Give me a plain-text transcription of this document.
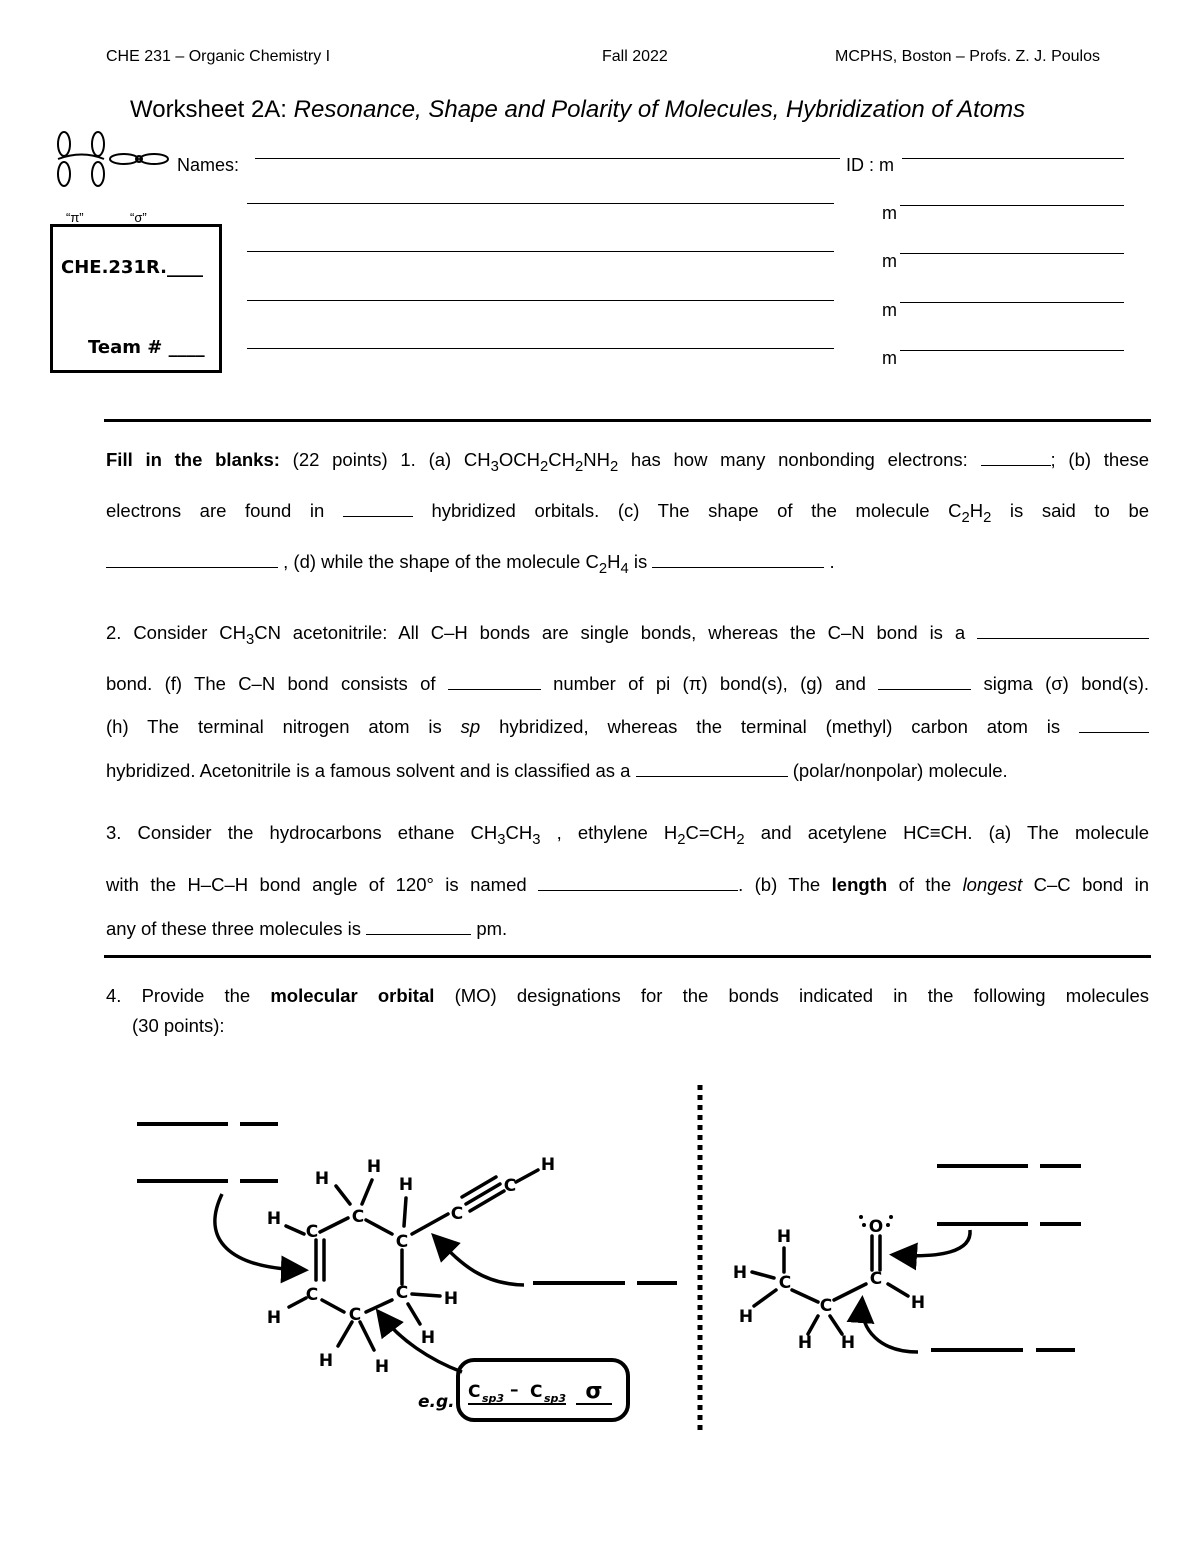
CHE 231 – Organic Chemistry I	Fall 2022	MCPHS, Boston – Profs. Z. J. Poulos
Worksheet 2A: Resonance, Shape and Polarity of Molecules, Hybridization of Atoms
“π”	“σ”
Names:	ID : m
m
m
m
m
CHE.231R.____
Team # ____
Fill in the blanks: (22 points) 1. (a) $CH_3OCH_2CH_2NH_2$ has how many nonbonding electrons:	; (b) these
electrons are found in	hybridized orbitals. (c) The shape of the molecule $C_2H_2$ is said to be
, (d) while the shape of the molecule $C_2H_4$ is	.
2. Consider $CH_3CN$ acetonitrile: All C–H bonds are single bonds, whereas the C–N bond is a
bond. (f) The C–N bond consists of	number of pi (π) bond(s), (g) and	sigma (σ) bond(s).
(h) The terminal nitrogen atom is sp hybridized, whereas the terminal (methyl) carbon atom is
hybridized. Acetonitrile is a famous solvent and is classified as a	(polar/nonpolar) molecule.
3. Consider the hydrocarbons ethane $CH_3CH_3$ , ethylene $H_2C=CH_2$ and acetylene HC≡CH. (a) The molecule
with the H–C–H bond angle of 120° is named	. (b) The length of the longest C–C bond in
any of these three molecules is	pm.
4. Provide the molecular orbital (MO) designations for the bonds indicated in the following molecules
(30 points):
C
C
C
C
C
C
C
C
H
H
H
H
H
H
H
H H
H
e.g. C sp3 – C sp3 σ
C
C
C
O
H
H
H
H H
H
